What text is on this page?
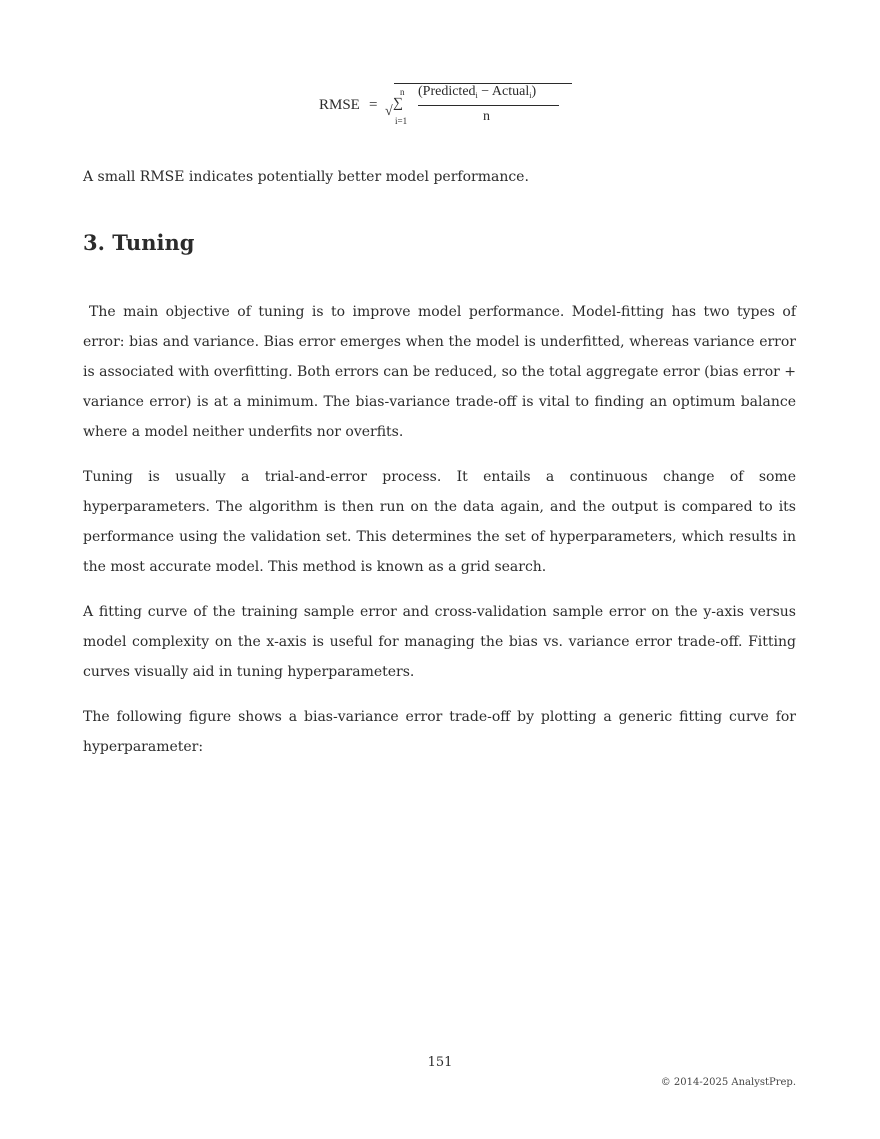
RMSE = √
n
∑
i=1
(Predicted$_i$ − Actual$_i$)
n

A small RMSE indicates potentially better model performance.

3. Tuning

The main objective of tuning is to improve model performance. Model-fitting has two types of error: bias and variance. Bias error emerges when the model is underfitted, whereas variance error is associated with overfitting. Both errors can be reduced, so the total aggregate error (bias error + variance error) is at a minimum. The bias-variance trade-off is vital to finding an optimum balance where a model neither underfits nor overfits.

Tuning is usually a trial-and-error process. It entails a continuous change of some hyperparameters. The algorithm is then run on the data again, and the output is compared to its performance using the validation set. This determines the set of hyperparameters, which results in the most accurate model. This method is known as a grid search.

A fitting curve of the training sample error and cross-validation sample error on the y-axis versus model complexity on the x-axis is useful for managing the bias vs. variance error trade-off. Fitting curves visually aid in tuning hyperparameters.

The following figure shows a bias-variance error trade-off by plotting a generic fitting curve for hyperparameter:

151
© 2014-2025 AnalystPrep.
